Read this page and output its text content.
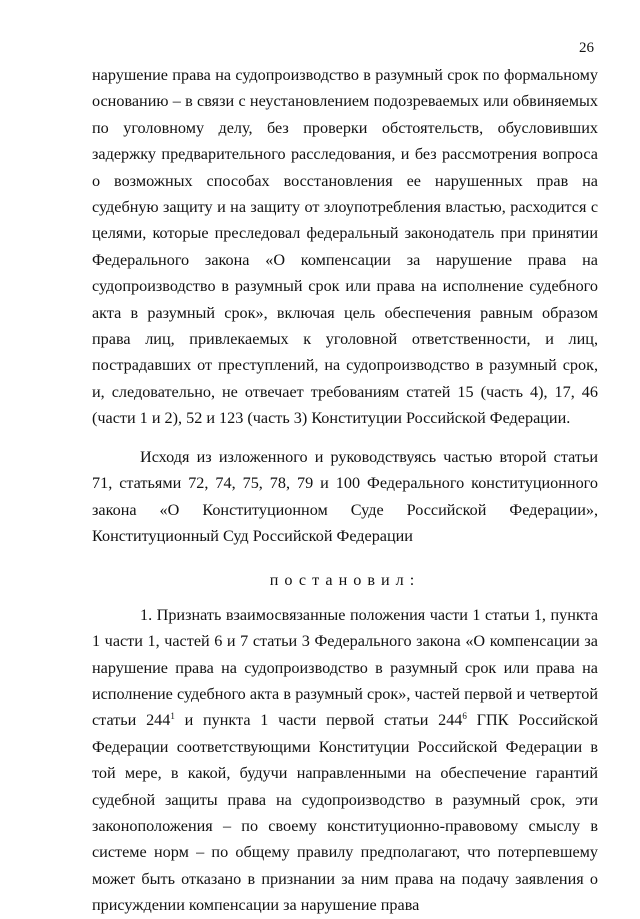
26

нарушение права на судопроизводство в разумный срок по формальному основанию – в связи с неустановлением подозреваемых или обвиняемых по уголовному делу, без проверки обстоятельств, обусловивших задержку предварительного расследования, и без рассмотрения вопроса о возможных способах восстановления ее нарушенных прав на судебную защиту и на защиту от злоупотребления властью, расходится с целями, которые преследовал федеральный законодатель при принятии Федерального закона «О компенсации за нарушение права на судопроизводство в разумный срок или права на исполнение судебного акта в разумный срок», включая цель обеспечения равным образом права лиц, привлекаемых к уголовной ответственности, и лиц, пострадавших от преступлений, на судопроизводство в разумный срок, и, следовательно, не отвечает требованиям статей 15 (часть 4), 17, 46 (части 1 и 2), 52 и 123 (часть 3) Конституции Российской Федерации.

Исходя из изложенного и руководствуясь частью второй статьи 71, статьями 72, 74, 75, 78, 79 и 100 Федерального конституционного закона «О Конституционном Суде Российской Федерации», Конституционный Суд Российской Федерации

постановил:

1. Признать взаимосвязанные положения части 1 статьи 1, пункта 1 части 1, частей 6 и 7 статьи 3 Федерального закона «О компенсации за нарушение права на судопроизводство в разумный срок или права на исполнение судебного акта в разумный срок», частей первой и четвертой статьи $244^1$ и пункта 1 части первой статьи $244^6$ ГПК Российской Федерации соответствующими Конституции Российской Федерации в той мере, в какой, будучи направленными на обеспечение гарантий судебной защиты права на судопроизводство в разумный срок, эти законоположения – по своему конституционно-правовому смыслу в системе норм – по общему правилу предполагают, что потерпевшему может быть отказано в признании за ним права на подачу заявления о присуждении компенсации за нарушение права
